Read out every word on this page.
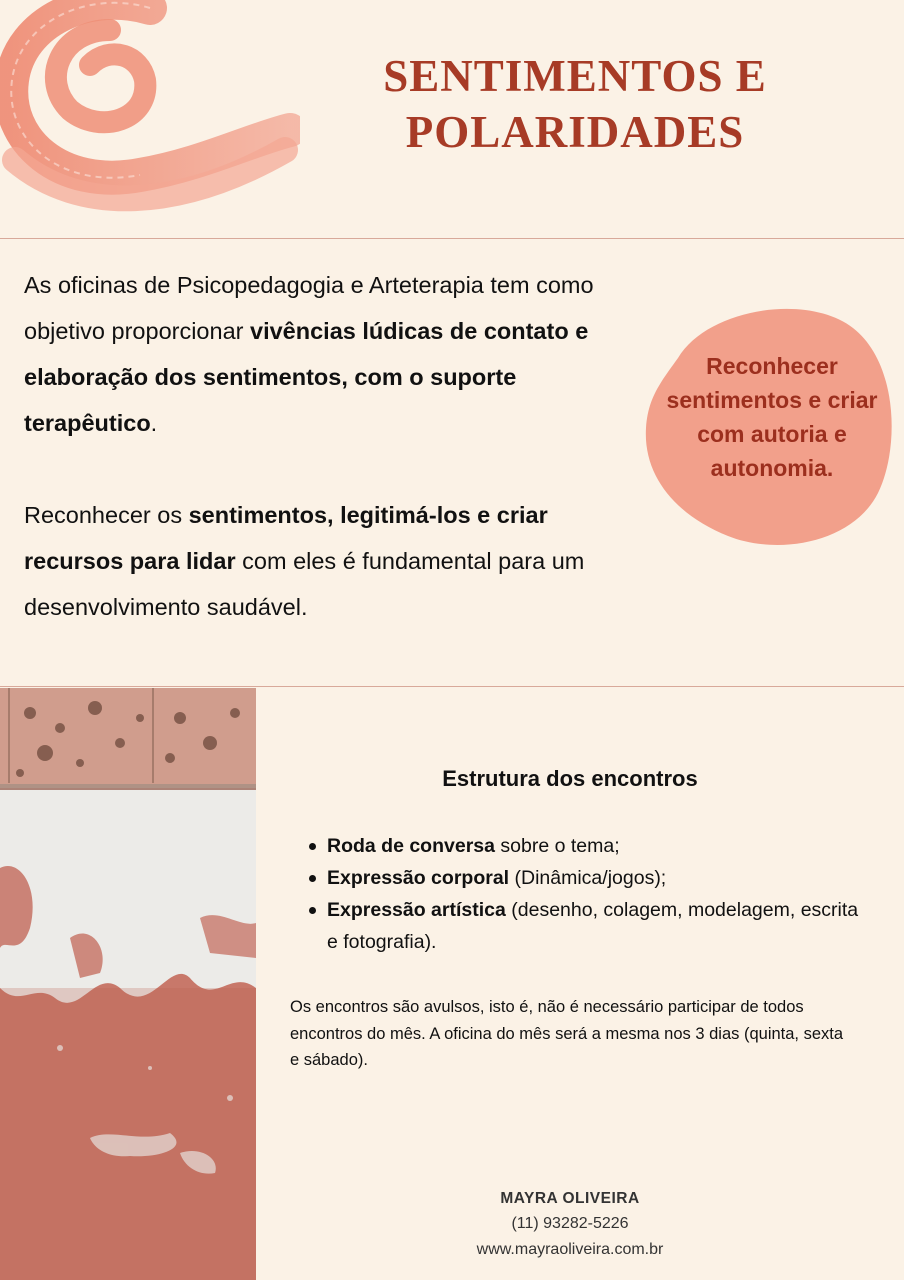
SENTIMENTOS E
POLARIDADES

As oficinas de Psicopedagogia e Arteterapia tem como objetivo proporcionar vivências lúdicas de contato e elaboração dos sentimentos, com o suporte terapêutico.

Reconhecer os sentimentos, legitimá-los e criar recursos para lidar com eles é fundamental para um desenvolvimento saudável.

Reconhecer sentimentos e criar com autoria e autonomia.
Estrutura dos encontros
Roda de conversa sobre o tema;
Expressão corporal (Dinâmica/jogos);
Expressão artística (desenho, colagem, modelagem, escrita e fotografia).

Os encontros são avulsos, isto é, não é necessário participar de todos encontros do mês. A oficina do mês será a mesma nos 3 dias (quinta, sexta e sábado).

MAYRA OLIVEIRA
(11) 93282-5226
www.mayraoliveira.com.br
